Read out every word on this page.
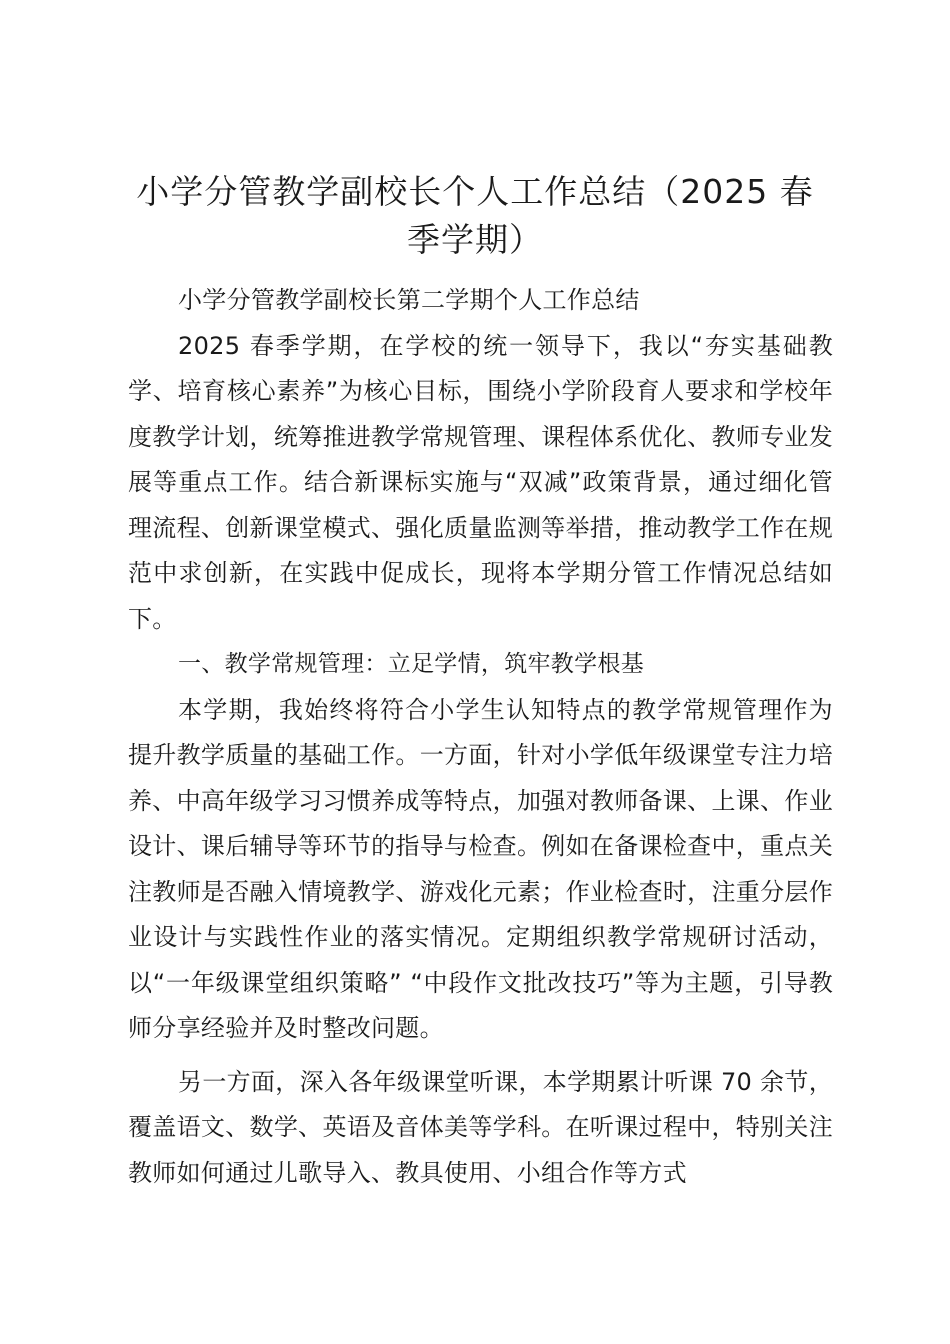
小学分管教学副校长个人工作总结（2025 春季学期）

小学分管教学副校长第二学期个人工作总结

2025 春季学期，在学校的统一领导下，我以“夯实基础教学、培育核心素养”为核心目标，围绕小学阶段育人要求和学校年度教学计划，统筹推进教学常规管理、课程体系优化、教师专业发展等重点工作。结合新课标实施与“双减”政策背景，通过细化管理流程、创新课堂模式、强化质量监测等举措，推动教学工作在规范中求创新，在实践中促成长，现将本学期分管工作情况总结如下。

一、教学常规管理：立足学情，筑牢教学根基

本学期，我始终将符合小学生认知特点的教学常规管理作为提升教学质量的基础工作。一方面，针对小学低年级课堂专注力培养、中高年级学习习惯养成等特点，加强对教师备课、上课、作业设计、课后辅导等环节的指导与检查。例如在备课检查中，重点关注教师是否融入情境教学、游戏化元素；作业检查时，注重分层作业设计与实践性作业的落实情况。定期组织教学常规研讨活动，以“一年级课堂组织策略” “中段作文批改技巧”等为主题，引导教师分享经验并及时整改问题。

另一方面，深入各年级课堂听课，本学期累计听课 70 余节，覆盖语文、数学、英语及音体美等学科。在听课过程中，特别关注教师如何通过儿歌导入、教具使用、小组合作等方式
